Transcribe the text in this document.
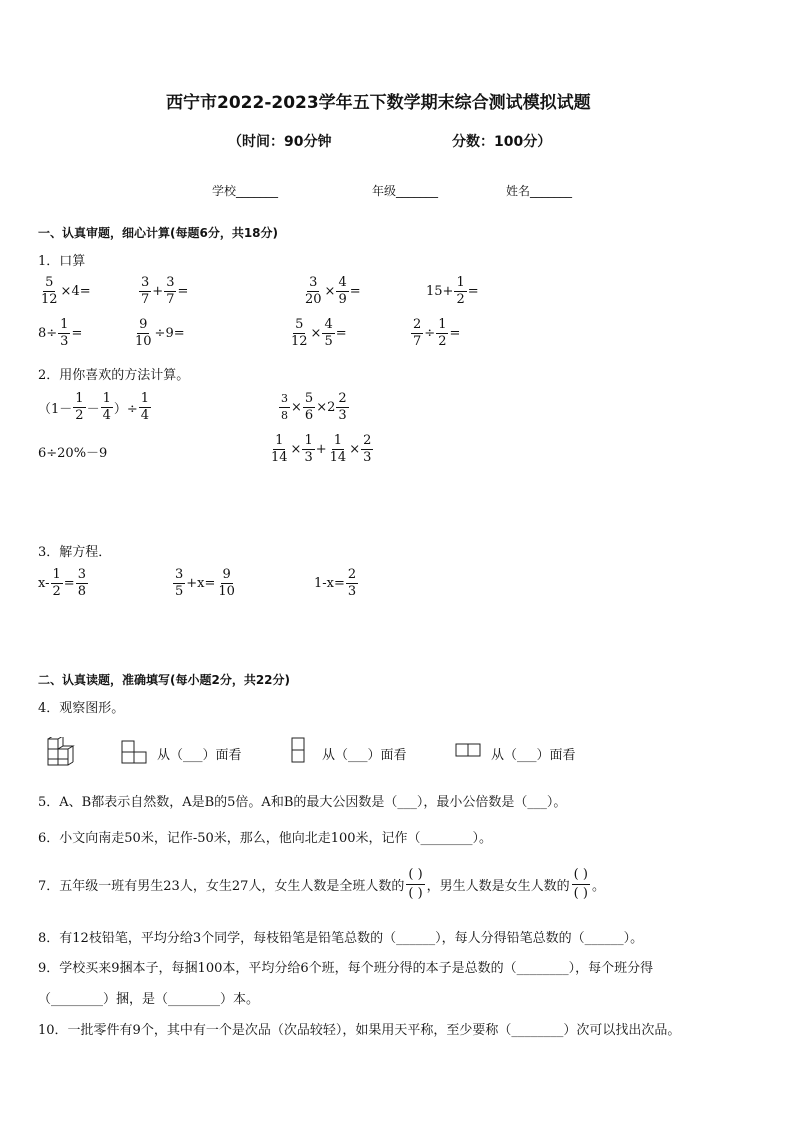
西宁市2022-2023学年五下数学期末综合测试模拟试题
（时间：90分钟	分数：100分）
学校_______	年级_______	姓名_______
一、认真审题，细心计算(每题6分，共18分)
1．口算
$\frac{5}{12} \times 4=$	$\frac{3}{7} + \frac{3}{7}$ =	$\frac{3}{20} \times \frac{4}{9}$ =	$15+ \frac{1}{2}$ =
$8\div \frac{1}{3}$ =	$\frac{9}{10} \div 9=$	$\frac{5}{12} \times \frac{4}{5}$ =	$\frac{2}{7} \div \frac{1}{2}$ =
2．用你喜欢的方法计算。
（$1- \frac{1}{2} - \frac{1}{4}$ ）÷ $\frac{1}{4}$	$\frac{3}{8} \times \frac{5}{6} \times 2 \frac{2}{3}$
6÷20%－9	$\frac{1}{14} \times \frac{1}{3} + \frac{1}{14} \times \frac{2}{3}$
3．解方程．
$x- \frac{1}{2} = \frac{3}{8}$	$\frac{3}{5} +x= \frac{9}{10}$	$1-x= \frac{2}{3}$
二、认真读题，准确填写(每小题2分，共22分)
4．观察图形。
从（___）面看	从（___）面看	从（___）面看
5．A、B都表示自然数，A是B的5倍。A和B的最大公因数是（___），最小公倍数是（___）。
6．小文向南走50米，记作-50米，那么，他向北走100米，记作（________）。
7．五年级一班有男生23人，女生27人，女生人数是全班人数的
( )
( ) ，男生人数是女生人数的
( )
( ) 。
8．有12枝铅笔，平均分给3个同学，每枝铅笔是铅笔总数的（______），每人分得铅笔总数的（______）。
9．学校买来9捆本子，每捆100本，平均分给6个班，每个班分得的本子是总数的（________），每个班分得
（________）捆，是（________）本。
10．一批零件有9个，其中有一个是次品（次品较轻），如果用天平称，至少要称（________）次可以找出次品。
